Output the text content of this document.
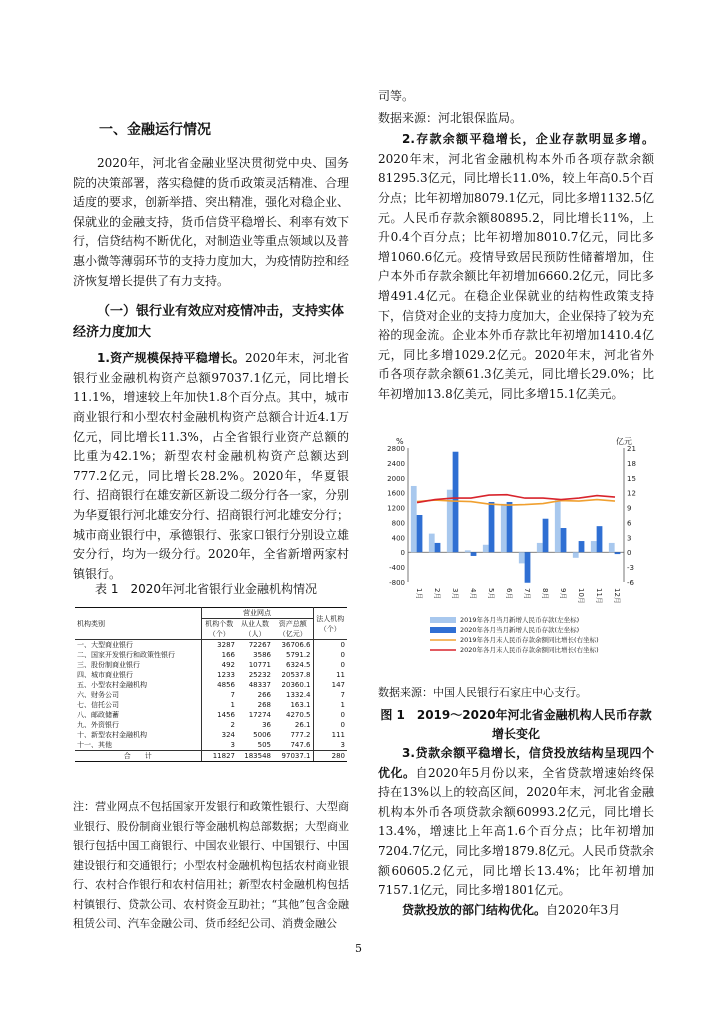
一、金融运行情况

2020年，河北省金融业坚决贯彻党中央、国务院的决策部署，落实稳健的货币政策灵活精准、合理适度的要求，创新举措、突出精准，强化对稳企业、保就业的金融支持，货币信贷平稳增长、利率有效下行，信贷结构不断优化，对制造业等重点领域以及普惠小微等薄弱环节的支持力度加大，为疫情防控和经济恢复增长提供了有力支持。

（一）银行业有效应对疫情冲击，支持实体经济力度加大

1.资产规模保持平稳增长。2020年末，河北省银行业金融机构资产总额97037.1亿元，同比增长11.1%，增速较上年加快1.8个百分点。其中，城市商业银行和小型农村金融机构资产总额合计近4.1万亿元，同比增长11.3%，占全省银行业资产总额的比重为42.1%；新型农村金融机构资产总额达到777.2亿元，同比增长28.2%。2020年，华夏银行、招商银行在雄安新区新设二级分行各一家，分别为华夏银行河北雄安分行、招商银行河北雄安分行；城市商业银行中，承德银行、张家口银行分别设立雄安分行，均为一级分行。2020年，全省新增两家村镇银行。

表 1　2020年河北省银行业金融机构情况
机构类别	营业网点			法人机构（个）
	机构个数（个）	从业人数（人）	资产总额（亿元）	
一、大型商业银行	3287	72267	36706.6	0
二、国家开发银行和政策性银行	166	3586	5791.2	0
三、股份制商业银行	492	10771	6324.5	0
四、城市商业银行	1233	25232	20537.8	11
五、小型农村金融机构	4856	48337	20360.1	147
六、财务公司	7	266	1332.4	7
七、信托公司	1	268	163.1	1
八、邮政储蓄	1456	17274	4270.5	0
九、外资银行	2	36	26.1	0
十、新型农村金融机构	324	5006	777.2	111
十一、其他	3	505	747.6	3
合　　计	11827	183548	97037.1	280
注：营业网点不包括国家开发银行和政策性银行、大型商业银行、股份制商业银行等金融机构总部数据；大型商业银行包括中国工商银行、中国农业银行、中国银行、中国建设银行和交通银行；小型农村金融机构包括农村商业银行、农村合作银行和农村信用社；新型农村金融机构包括村镇银行、贷款公司、农村资金互助社；“其他”包含金融租赁公司、汽车金融公司、货币经纪公司、消费金融公
5

司等。

数据来源：河北银保监局。

2.存款余额平稳增长，企业存款明显多增。2020年末，河北省金融机构本外币各项存款余额81295.3亿元，同比增长11.0%，较上年高0.5个百分点；比年初增加8079.1亿元，同比多增1132.5亿元。人民币存款余额80895.2，同比增长11%，上升0.4个百分点；比年初增加8010.7亿元，同比多增1060.6亿元。疫情导致居民预防性储蓄增加，住户本外币存款余额比年初增加6660.2亿元，同比多增491.4亿元。在稳企业保就业的结构性政策支持下，信贷对企业的支持力度加大，企业保持了较为充裕的现金流。企业本外币存款比年初增加1410.4亿元，同比多增1029.2亿元。2020年末，河北省外币各项存款余额61.3亿美元，同比增长29.0%；比年初增加13.8亿美元，同比多增15.1亿美元。

%	亿元
2800
2400
2000
1600
1200
800
400
0
-400
-800
21
18
15
12
9
6
3
0
-3
-6
1月 2月 3月 4月 5月 6月 7月 8月 9月 10月 11月 12月
2019年各月当月新增人民币存款(左坐标)
2020年各月当月新增人民币存款(左坐标)
2019年各月末人民币存款余额同比增长(右坐标)
2020年各月末人民币存款余额同比增长(右坐标)
数据来源：中国人民银行石家庄中心支行。
图 1 2019～2020年河北省金融机构人民币存款增长变化

3.贷款余额平稳增长，信贷投放结构呈现四个优化。自2020年5月份以来，全省贷款增速始终保持在13%以上的较高区间，2020年末，河北省金融机构本外币各项贷款余额60993.2亿元，同比增长13.4%，增速比上年高1.6个百分点；比年初增加7204.7亿元，同比多增1879.8亿元。人民币贷款余额60605.2亿元，同比增长13.4%；比年初增加7157.1亿元，同比多增1801亿元。

贷款投放的部门结构优化。自2020年3月
